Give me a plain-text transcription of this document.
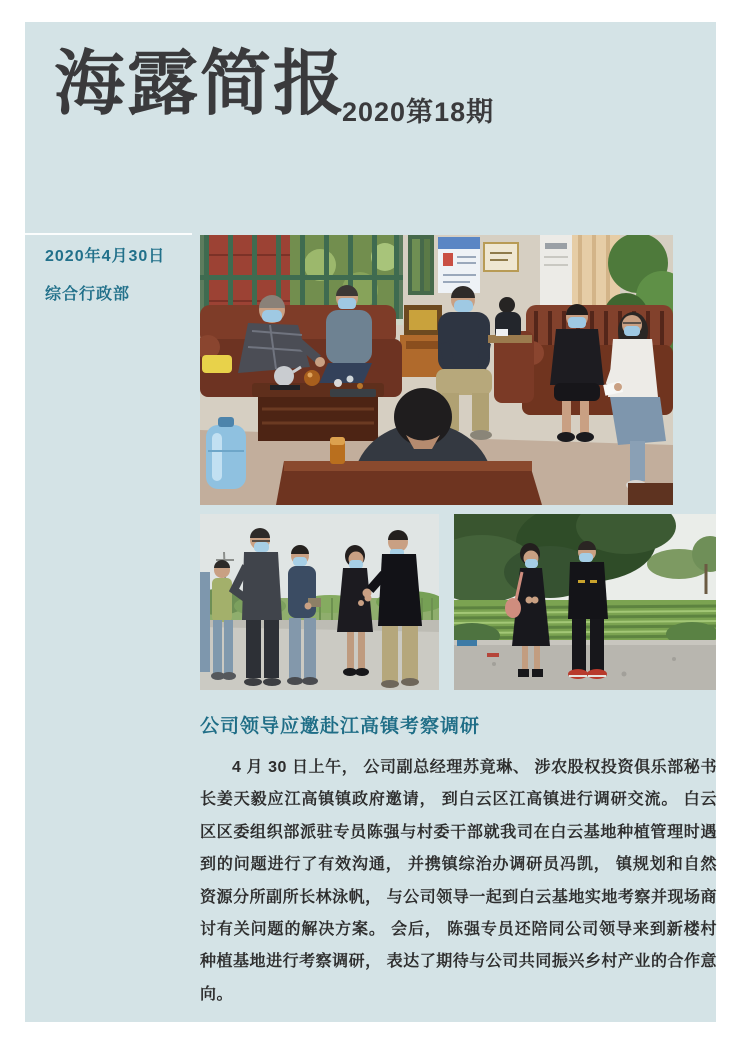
海露简报
2020第18期
2020年4月30日
综合行政部
公司领导应邀赴江高镇考察调研

4 月 30 日上午， 公司副总经理苏竟琳、 涉农股权投资俱乐部秘书长姜天毅应江高镇镇政府邀请， 到白云区江高镇进行调研交流。 白云区区委组织部派驻专员陈强与村委干部就我司在白云基地种植管理时遇到的问题进行了有效沟通， 并携镇综治办调研员冯凯， 镇规划和自然资源分所副所长林泳帆， 与公司领导一起到白云基地实地考察并现场商讨有关问题的解决方案。 会后， 陈强专员还陪同公司领导来到新楼村种植基地进行考察调研， 表达了期待与公司共同振兴乡村产业的合作意向。
